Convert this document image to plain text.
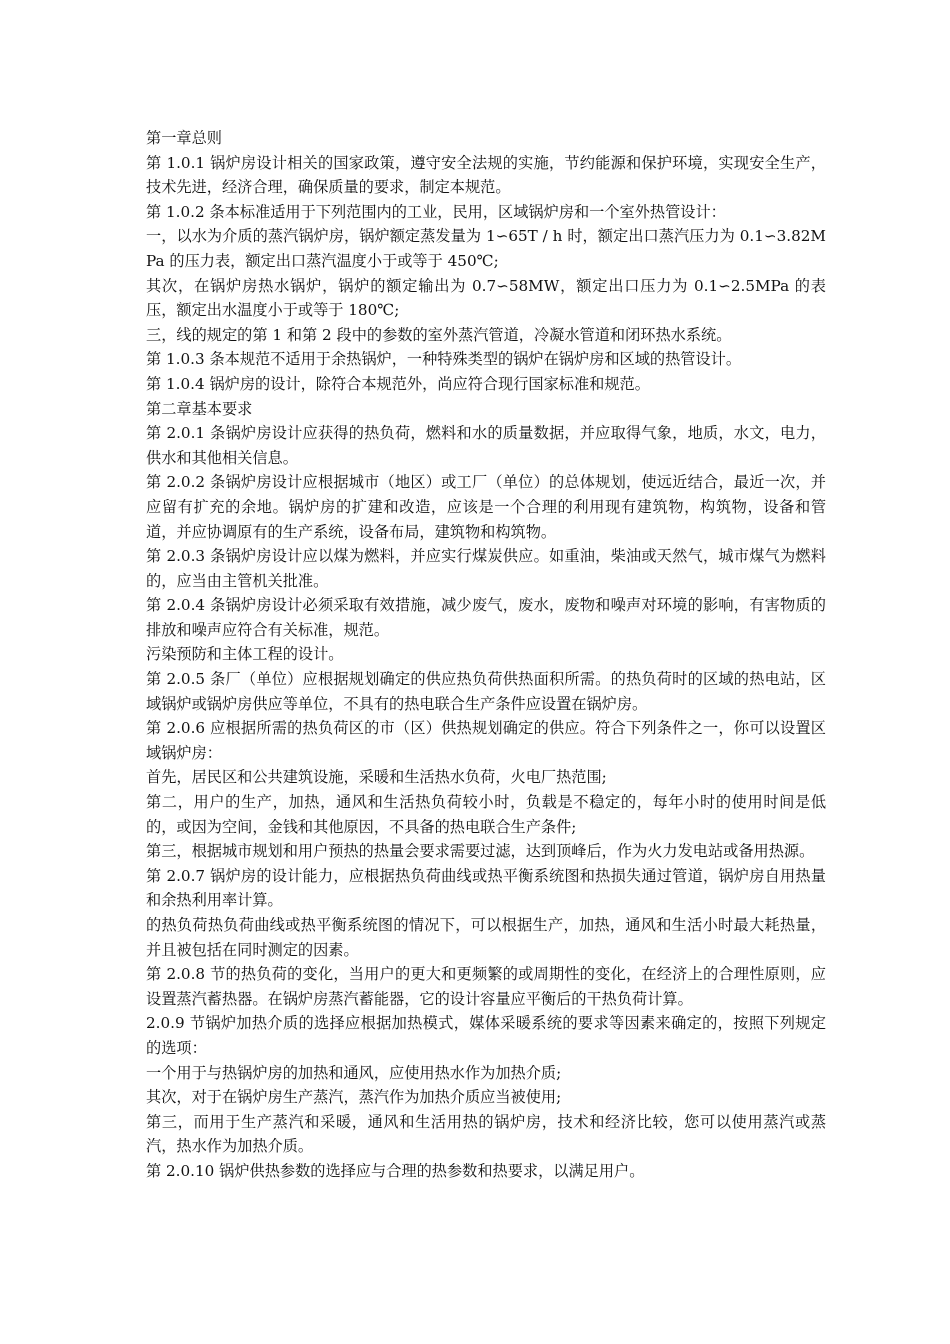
第一章总则

第 1.0.1 锅炉房设计相关的国家政策，遵守安全法规的实施，节约能源和保护环境，实现安全生产，技术先进，经济合理，确保质量的要求，制定本规范。

第 1.0.2 条本标准适用于下列范围内的工业，民用，区域锅炉房和一个室外热管设计：

一，以水为介质的蒸汽锅炉房，锅炉额定蒸发量为 1∽65T / h 时，额定出口蒸汽压力为 0.1∽3.82MPa 的压力表，额定出口蒸汽温度小于或等于 450℃;

其次，在锅炉房热水锅炉，锅炉的额定输出为 0.7∽58MW，额定出口压力为 0.1∽2.5MPa 的表压，额定出水温度小于或等于 180℃;

三，线的规定的第 1 和第 2 段中的参数的室外蒸汽管道，冷凝水管道和闭环热水系统。

第 1.0.3 条本规范不适用于余热锅炉，一种特殊类型的锅炉在锅炉房和区域的热管设计。

第 1.0.4 锅炉房的设计，除符合本规范外，尚应符合现行国家标准和规范。

第二章基本要求

第 2.0.1 条锅炉房设计应获得的热负荷，燃料和水的质量数据，并应取得气象，地质，水文，电力，供水和其他相关信息。

第 2.0.2 条锅炉房设计应根据城市（地区）或工厂（单位）的总体规划，使远近结合，最近一次，并应留有扩充的余地。锅炉房的扩建和改造，应该是一个合理的利用现有建筑物，构筑物，设备和管道，并应协调原有的生产系统，设备布局，建筑物和构筑物。

第 2.0.3 条锅炉房设计应以煤为燃料，并应实行煤炭供应。如重油，柴油或天然气，城市煤气为燃料的，应当由主管机关批准。

第 2.0.4 条锅炉房设计必须采取有效措施，减少废气，废水，废物和噪声对环境的影响，有害物质的排放和噪声应符合有关标准，规范。

污染预防和主体工程的设计。

第 2.0.5 条厂（单位）应根据规划确定的供应热负荷供热面积所需。的热负荷时的区域的热电站，区域锅炉或锅炉房供应等单位，不具有的热电联合生产条件应设置在锅炉房。

第 2.0.6 应根据所需的热负荷区的市（区）供热规划确定的供应。符合下列条件之一，你可以设置区域锅炉房：

首先，居民区和公共建筑设施，采暖和生活热水负荷，火电厂热范围;

第二，用户的生产，加热，通风和生活热负荷较小时，负载是不稳定的，每年小时的使用时间是低的，或因为空间，金钱和其他原因，不具备的热电联合生产条件;

第三，根据城市规划和用户预热的热量会要求需要过滤，达到顶峰后，作为火力发电站或备用热源。

第 2.0.7 锅炉房的设计能力，应根据热负荷曲线或热平衡系统图和热损失通过管道，锅炉房自用热量和余热利用率计算。

的热负荷热负荷曲线或热平衡系统图的情况下，可以根据生产，加热，通风和生活小时最大耗热量，并且被包括在同时测定的因素。

第 2.0.8 节的热负荷的变化，当用户的更大和更频繁的或周期性的变化，在经济上的合理性原则，应设置蒸汽蓄热器。在锅炉房蒸汽蓄能器，它的设计容量应平衡后的干热负荷计算。

2.0.9 节锅炉加热介质的选择应根据加热模式，媒体采暖系统的要求等因素来确定的，按照下列规定的选项：

一个用于与热锅炉房的加热和通风，应使用热水作为加热介质;

其次，对于在锅炉房生产蒸汽，蒸汽作为加热介质应当被使用;

第三，而用于生产蒸汽和采暖，通风和生活用热的锅炉房，技术和经济比较，您可以使用蒸汽或蒸汽，热水作为加热介质。

第 2.0.10 锅炉供热参数的选择应与合理的热参数和热要求，以满足用户。
